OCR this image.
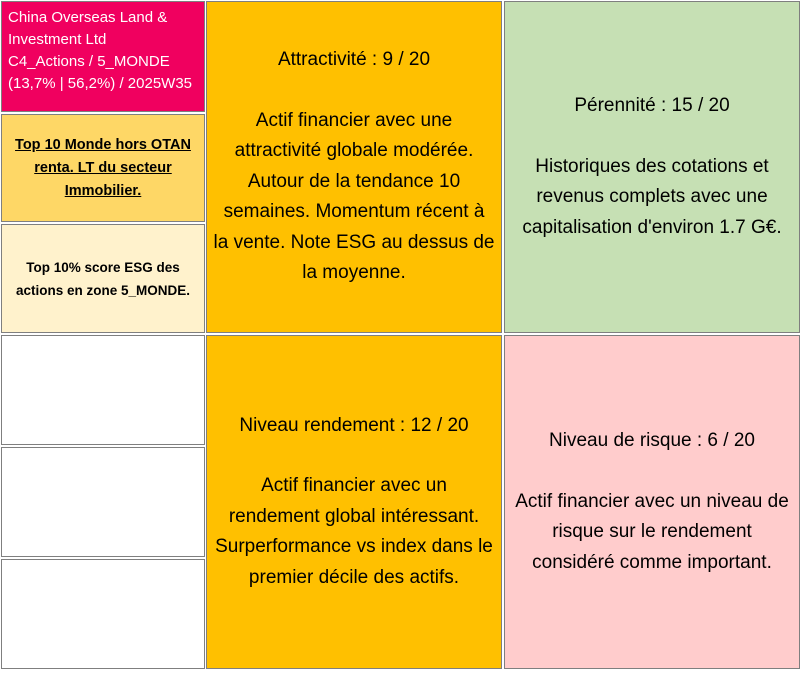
China Overseas Land &
Investment Ltd
C4_Actions / 5_MONDE
(13,7% | 56,2%) / 2025W35
Top 10 Monde hors OTAN
renta. LT du secteur
Immobilier.
Top 10% score ESG des
actions en zone 5_MONDE.
Attractivité : 9 / 20
Actif financier avec une
attractivité globale modérée.
Autour de la tendance 10
semaines. Momentum récent à
la vente. Note ESG au dessus de
la moyenne.
Pérennité : 15 / 20
Historiques des cotations et
revenus complets avec une
capitalisation d'environ 1.7 G€.
Niveau rendement : 12 / 20
Actif financier avec un
rendement global intéressant.
Surperformance vs index dans le
premier décile des actifs.
Niveau de risque : 6 / 20
Actif financier avec un niveau de
risque sur le rendement
considéré comme important.
